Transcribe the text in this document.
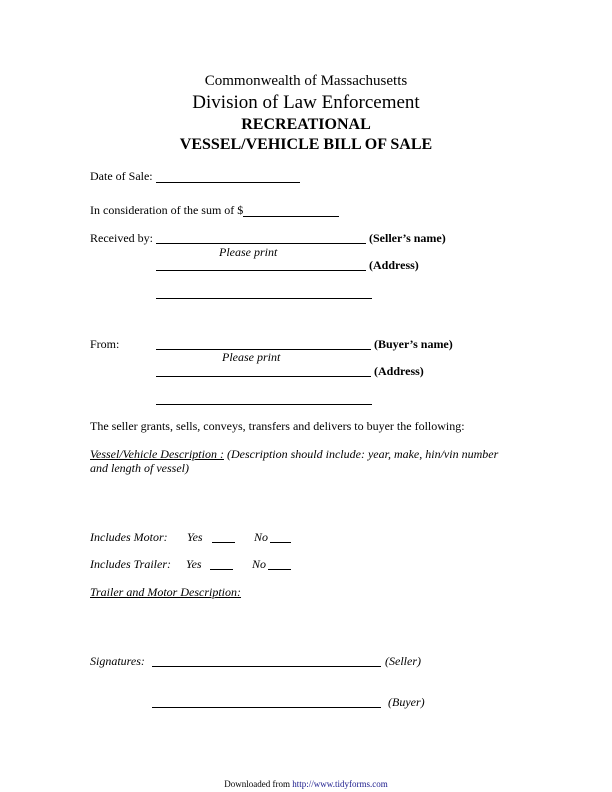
Commonwealth of Massachusetts
Division of Law Enforcement
RECREATIONAL
VESSEL/VEHICLE BILL OF SALE
Date of Sale:
In consideration of the sum of $
Received by:	(Seller’s name)
Please print
(Address)
From:	(Buyer’s name)
Please print
(Address)
The seller grants, sells, conveys, transfers and delivers to buyer the following:
Vessel/Vehicle Description : (Description should include: year, make, hin/vin number
and length of vessel)
Includes Motor: Yes	No
Includes Trailer: Yes	No
Trailer and Motor Description:
Signatures:	(Seller)
(Buyer)
Downloaded from http://www.tidyforms.com
